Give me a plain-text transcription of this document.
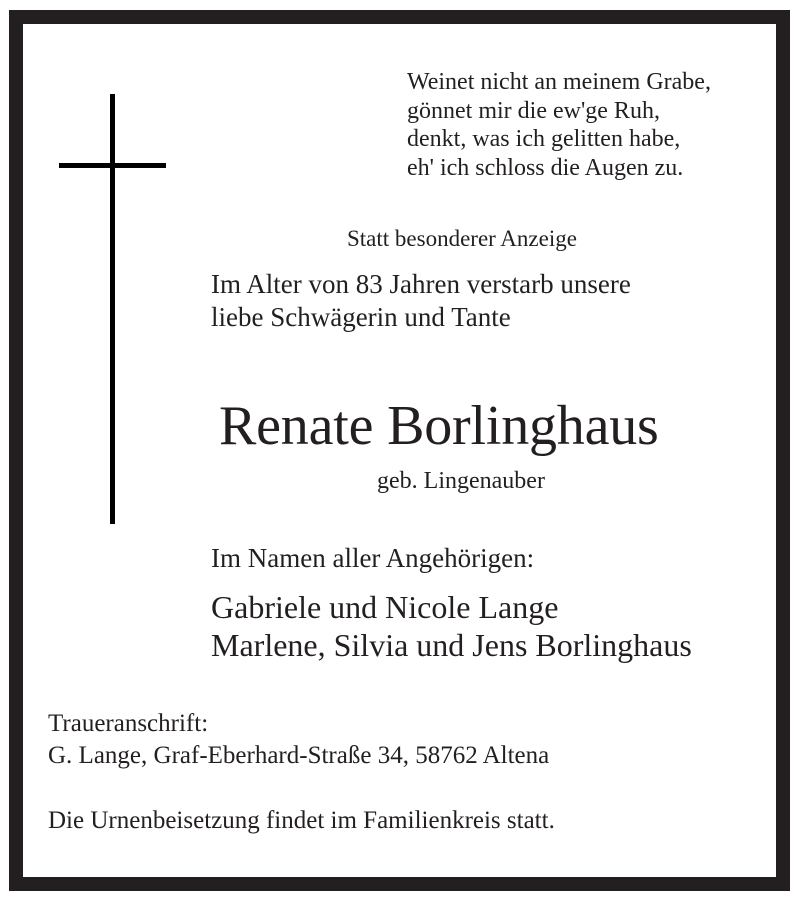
Weinet nicht an meinem Grabe,
gönnet mir die ew'ge Ruh,
denkt, was ich gelitten habe,
eh' ich schloss die Augen zu.
Statt besonderer Anzeige
Im Alter von 83 Jahren verstarb unsere
liebe Schwägerin und Tante
Renate Borlinghaus
geb. Lingenauber
Im Namen aller Angehörigen:
Gabriele und Nicole Lange
Marlene, Silvia und Jens Borlinghaus
Traueranschrift:
G. Lange, Graf-Eberhard-Straße 34, 58762 Altena
Die Urnenbeisetzung findet im Familienkreis statt.
